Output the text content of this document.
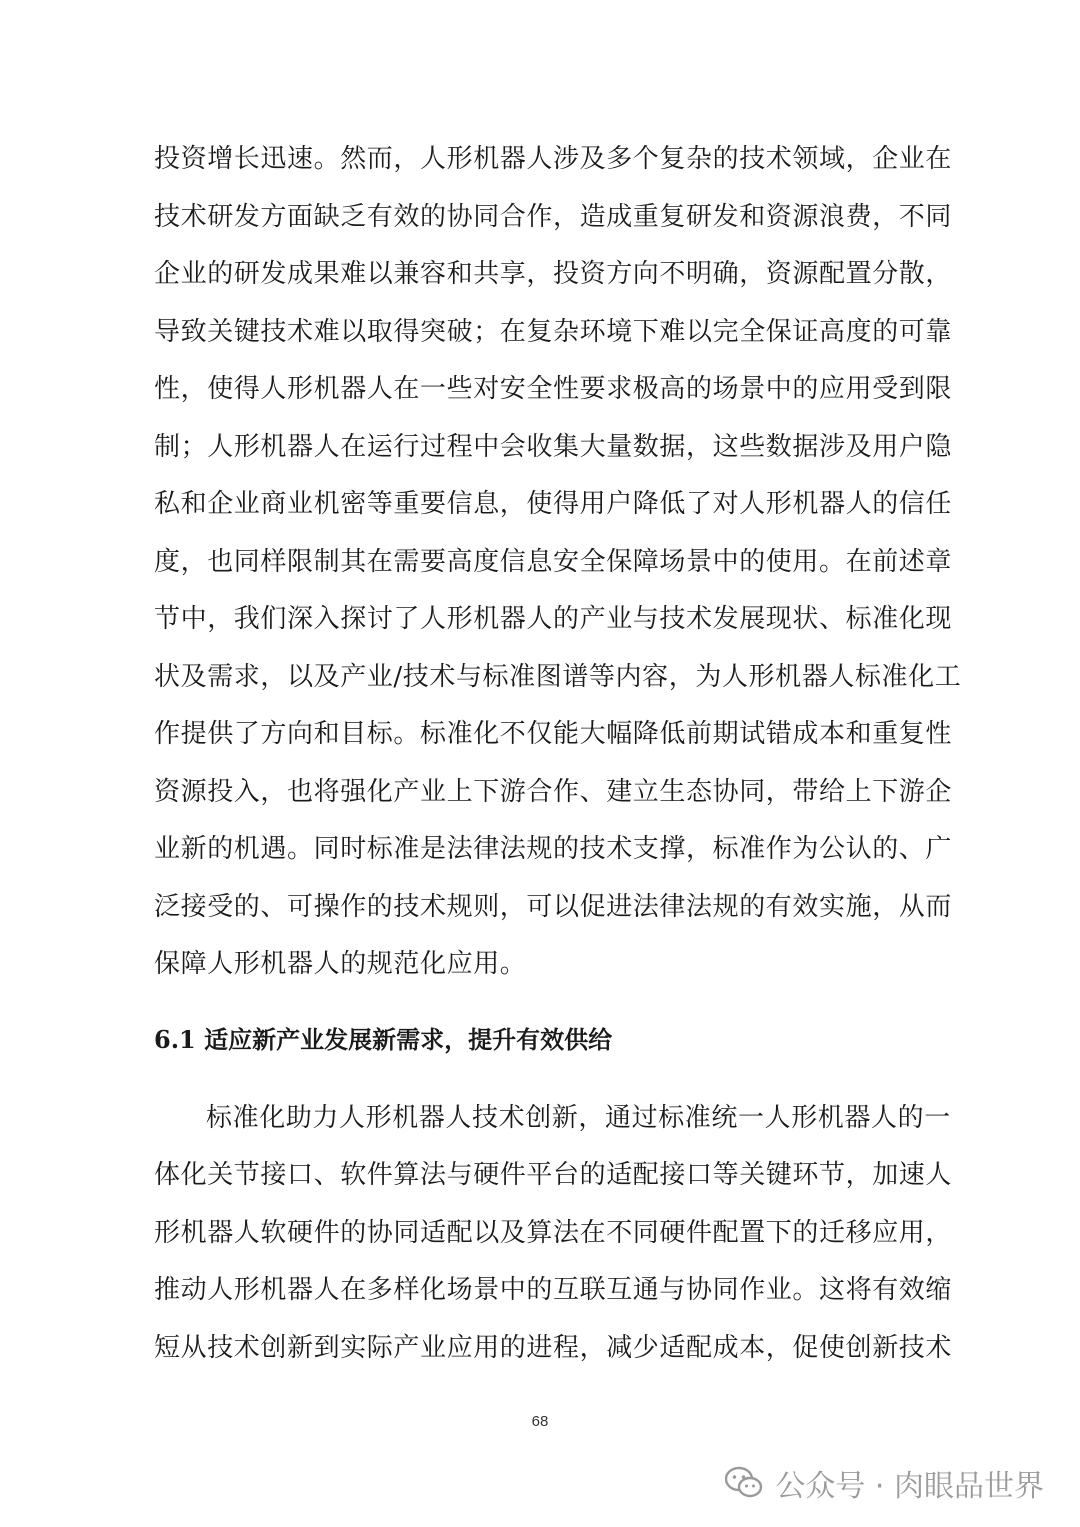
投资增长迅速。然而，人形机器人涉及多个复杂的技术领域，企业在
技术研发方面缺乏有效的协同合作，造成重复研发和资源浪费，不同
企业的研发成果难以兼容和共享，投资方向不明确，资源配置分散，
导致关键技术难以取得突破；在复杂环境下难以完全保证高度的可靠
性，使得人形机器人在一些对安全性要求极高的场景中的应用受到限
制；人形机器人在运行过程中会收集大量数据，这些数据涉及用户隐
私和企业商业机密等重要信息，使得用户降低了对人形机器人的信任
度，也同样限制其在需要高度信息安全保障场景中的使用。在前述章
节中，我们深入探讨了人形机器人的产业与技术发展现状、标准化现
状及需求，以及产业/技术与标准图谱等内容，为人形机器人标准化工
作提供了方向和目标。标准化不仅能大幅降低前期试错成本和重复性
资源投入，也将强化产业上下游合作、建立生态协同，带给上下游企
业新的机遇。同时标准是法律法规的技术支撑，标准作为公认的、广
泛接受的、可操作的技术规则，可以促进法律法规的有效实施，从而
保障人形机器人的规范化应用。
6.1 适应新产业发展新需求，提升有效供给
标准化助力人形机器人技术创新，通过标准统一人形机器人的一
体化关节接口、软件算法与硬件平台的适配接口等关键环节，加速人
形机器人软硬件的协同适配以及算法在不同硬件配置下的迁移应用，
推动人形机器人在多样化场景中的互联互通与协同作业。这将有效缩
短从技术创新到实际产业应用的进程，减少适配成本，促使创新技术
68
公众号 · 肉眼品世界
